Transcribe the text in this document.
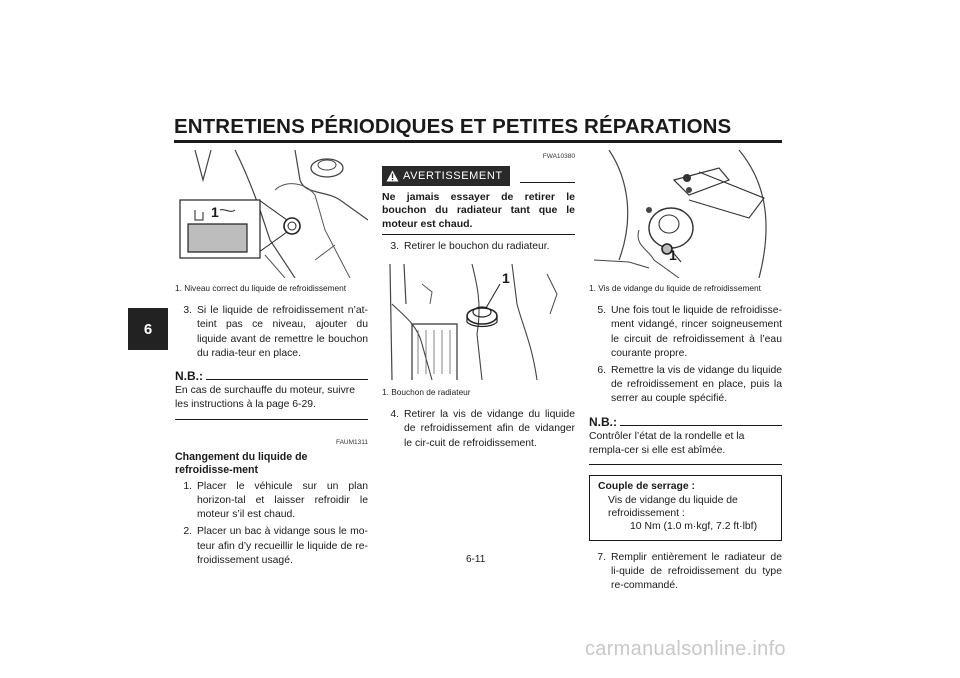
ENTRETIENS PÉRIODIQUES ET PETITES RÉPARATIONS
6
1
1. Niveau correct du liquide de refroidissement
3. Si le liquide de refroidissement n’at-teint pas ce niveau, ajouter du liquide avant de remettre le bouchon du radia-teur en place.
N.B.:
En cas de surchauffe du moteur, suivre les instructions à la page 6-29.
FAUM1311
Changement du liquide de refroidisse-ment
1. Placer le véhicule sur un plan horizon-tal et laisser refroidir le moteur s’il est chaud.
2. Placer un bac à vidange sous le mo-teur afin d’y recueillir le liquide de re-froidissement usagé.
FWA10380
AVERTISSEMENT
Ne jamais essayer de retirer le bouchon du radiateur tant que le moteur est chaud.
3. Retirer le bouchon du radiateur.
1
1. Bouchon de radiateur
4. Retirer la vis de vidange du liquide de refroidissement afin de vidanger le cir-cuit de refroidissement.
1
1. Vis de vidange du liquide de refroidissement
5. Une fois tout le liquide de refroidisse-ment vidangé, rincer soigneusement le circuit de refroidissement à l’eau courante propre.
6. Remettre la vis de vidange du liquide de refroidissement en place, puis la serrer au couple spécifié.
N.B.:
Contrôler l’état de la rondelle et la rempla-cer si elle est abîmée.
Couple de serrage :
Vis de vidange du liquide de refroidissement :
10 Nm (1.0 m·kgf, 7.2 ft·lbf)
7. Remplir entièrement le radiateur de li-quide de refroidissement du type re-commandé.
6-11
carmanualsonline.info
